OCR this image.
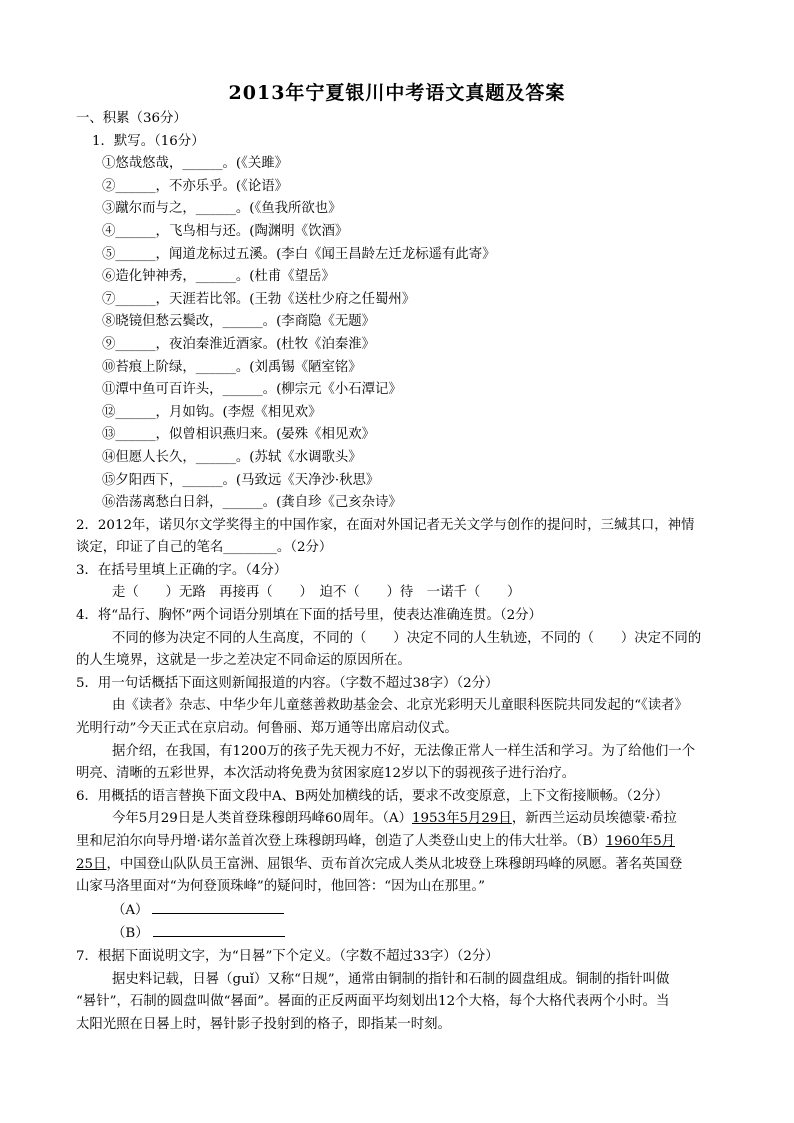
2013年宁夏银川中考语文真题及答案
一、积累（36分）
1．默写。（16分）
①悠哉悠哉，______。(《关雎》
②______，不亦乐乎。(《论语》
③蹴尔而与之，______。(《鱼我所欲也》
④______，飞鸟相与还。(陶渊明《饮酒》
⑤______，闻道龙标过五溪。(李白《闻王昌龄左迁龙标遥有此寄》
⑥造化钟神秀，______。(杜甫《望岳》
⑦______，天涯若比邻。(王勃《送杜少府之任蜀州》
⑧晓镜但愁云鬓改，______。(李商隐《无题》
⑨______，夜泊秦淮近酒家。(杜牧《泊秦淮》
⑩苔痕上阶绿，______。(刘禹锡《陋室铭》
⑪潭中鱼可百许头，______。(柳宗元《小石潭记》
⑫______，月如钩。(李煜《相见欢》
⑬______，似曾相识燕归来。(晏殊《相见欢》
⑭但愿人长久，______。(苏轼《水调歌头》
⑮夕阳西下，______。(马致远《天净沙·秋思》
⑯浩荡离愁白日斜，______。(龚自珍《己亥杂诗》
2．2012年，诺贝尔文学奖得主的中国作家，在面对外国记者无关文学与创作的提问时，三缄其口，神情
谈定，印证了自己的笔名________。（2分）
3．在括号里填上正确的字。（4分）
走（　　）无路　再接再（　　）　迫不（　　）待　一诺千（　　）
4．将“品行、胸怀”两个词语分别填在下面的括号里，使表达准确连贯。（2分）
不同的修为决定不同的人生高度，不同的（　　）决定不同的人生轨迹，不同的（　　）决定不同的
的人生境界，这就是一步之差决定不同命运的原因所在。
5．用一句话概括下面这则新闻报道的内容。（字数不超过38字）（2分）
由《读者》杂志、中华少年儿童慈善救助基金会、北京光彩明天儿童眼科医院共同发起的“《读者》
光明行动”今天正式在京启动。何鲁丽、郑万通等出席启动仪式。
据介绍，在我国，有1200万的孩子先天视力不好，无法像正常人一样生活和学习。为了给他们一个
明亮、清晰的五彩世界，本次活动将免费为贫困家庭12岁以下的弱视孩子进行治疗。
6．用概括的语言替换下面文段中A、B两处加横线的话，要求不改变原意，上下文衔接顺畅。（2分）
今年5月29日是人类首登珠穆朗玛峰60周年。（A）1953年5月29日，新西兰运动员埃德蒙·希拉
里和尼泊尔向导丹增·诺尔盖首次登上珠穆朗玛峰，创造了人类登山史上的伟大壮举。（B）1960年5月
25日，中国登山队队员王富洲、屈银华、贡布首次完成人类从北坡登上珠穆朗玛峰的夙愿。著名英国登
山家马洛里面对“为何登顶珠峰”的疑问时，他回答：“因为山在那里。”
（A）
（B）
7．根据下面说明文字，为“日晷”下个定义。（字数不超过33字）（2分）
据史料记载，日晷（guǐ）又称“日规”，通常由铜制的指针和石制的圆盘组成。铜制的指针叫做
“晷针”，石制的圆盘叫做“晷面”。晷面的正反两面平均刻划出12个大格，每个大格代表两个小时。当
太阳光照在日晷上时，晷针影子投射到的格子，即指某一时刻。
